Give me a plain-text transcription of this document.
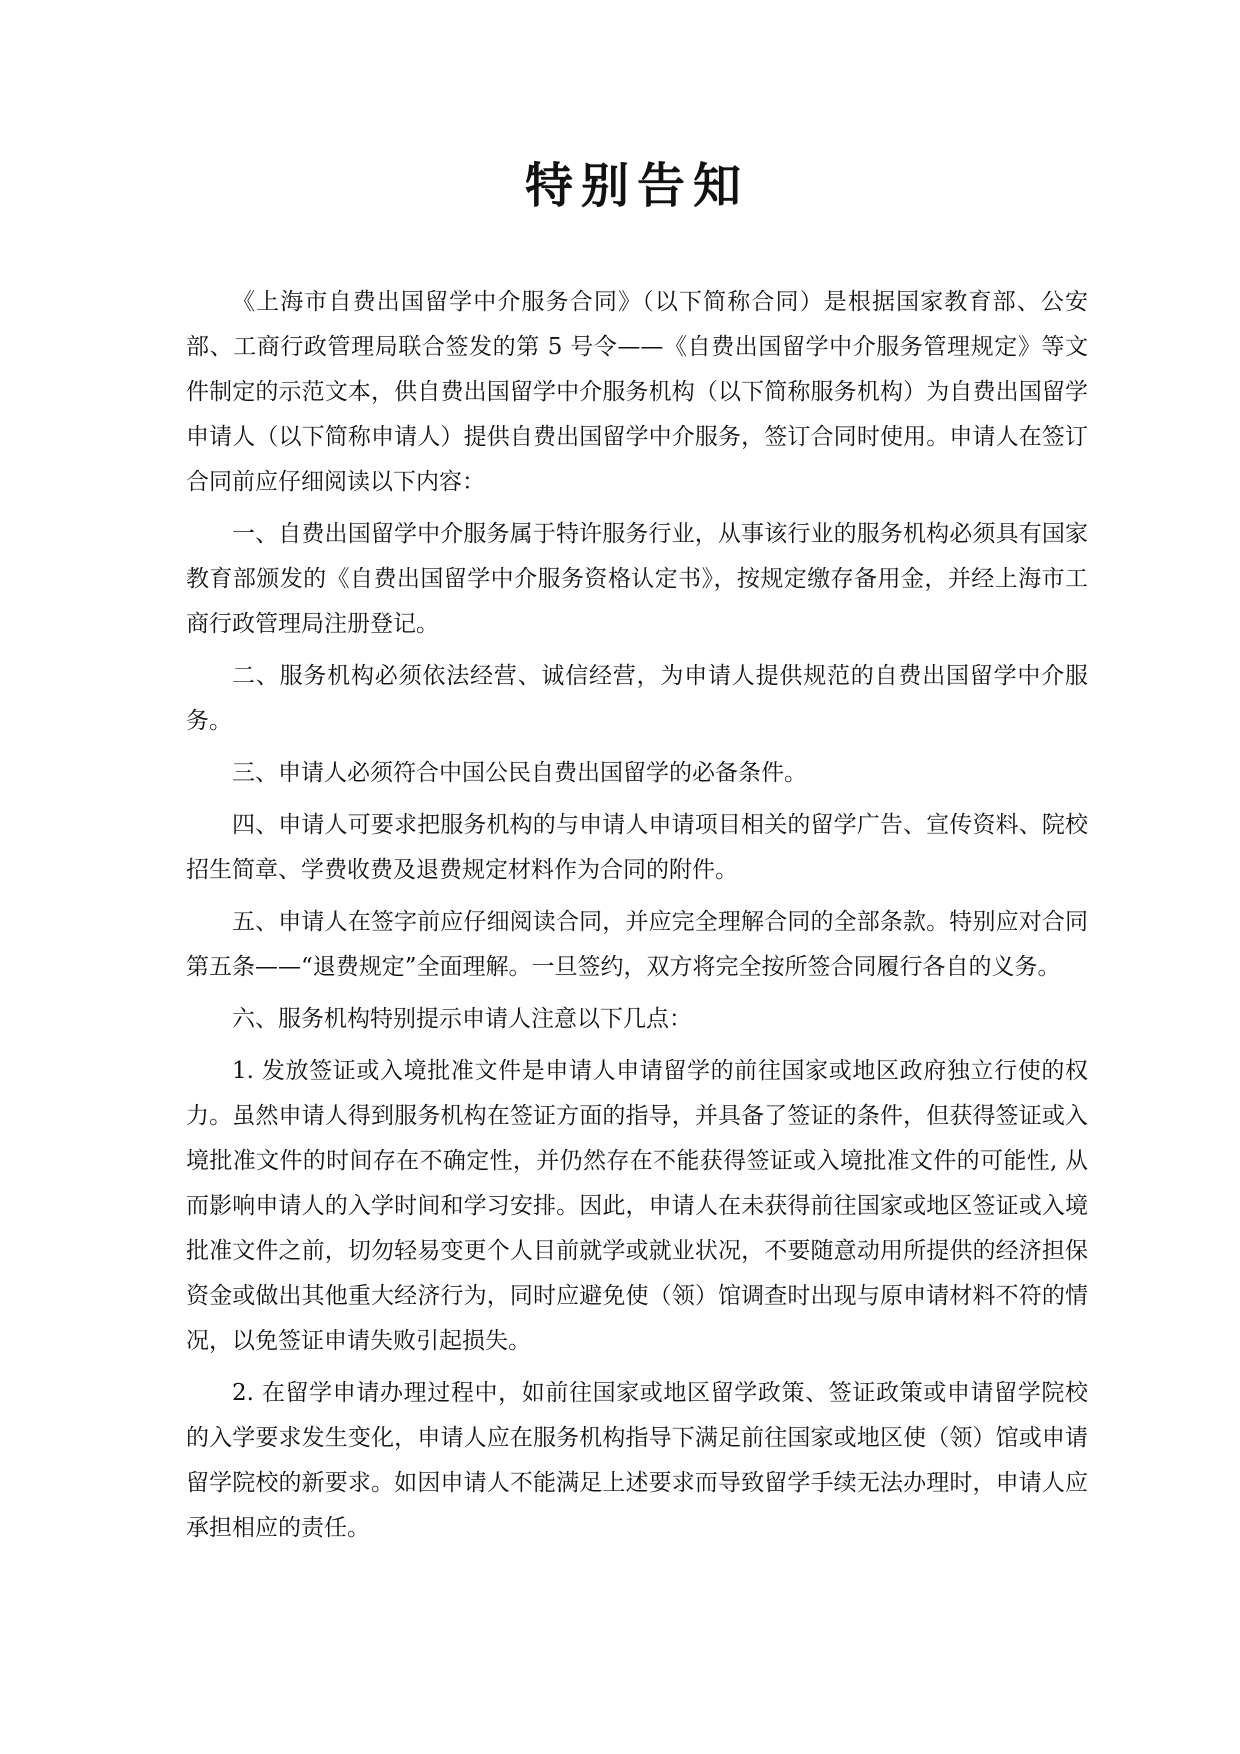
特别告知

《上海市自费出国留学中介服务合同》（以下简称合同）是根据国家教育部、公安部、工商行政管理局联合签发的第 5 号令——《自费出国留学中介服务管理规定》等文件制定的示范文本，供自费出国留学中介服务机构（以下简称服务机构）为自费出国留学申请人（以下简称申请人）提供自费出国留学中介服务，签订合同时使用。申请人在签订合同前应仔细阅读以下内容：

一、自费出国留学中介服务属于特许服务行业，从事该行业的服务机构必须具有国家教育部颁发的《自费出国留学中介服务资格认定书》，按规定缴存备用金，并经上海市工商行政管理局注册登记。

二、服务机构必须依法经营、诚信经营，为申请人提供规范的自费出国留学中介服务。

三、申请人必须符合中国公民自费出国留学的必备条件。

四、申请人可要求把服务机构的与申请人申请项目相关的留学广告、宣传资料、院校招生简章、学费收费及退费规定材料作为合同的附件。

五、申请人在签字前应仔细阅读合同，并应完全理解合同的全部条款。特别应对合同第五条——“退费规定”全面理解。一旦签约，双方将完全按所签合同履行各自的义务。

六、服务机构特别提示申请人注意以下几点：

1. 发放签证或入境批准文件是申请人申请留学的前往国家或地区政府独立行使的权力。虽然申请人得到服务机构在签证方面的指导，并具备了签证的条件，但获得签证或入境批准文件的时间存在不确定性，并仍然存在不能获得签证或入境批准文件的可能性, 从而影响申请人的入学时间和学习安排。因此，申请人在未获得前往国家或地区签证或入境批准文件之前，切勿轻易变更个人目前就学或就业状况，不要随意动用所提供的经济担保资金或做出其他重大经济行为，同时应避免使（领）馆调查时出现与原申请材料不符的情况，以免签证申请失败引起损失。

2. 在留学申请办理过程中，如前往国家或地区留学政策、签证政策或申请留学院校的入学要求发生变化，申请人应在服务机构指导下满足前往国家或地区使（领）馆或申请留学院校的新要求。如因申请人不能满足上述要求而导致留学手续无法办理时，申请人应承担相应的责任。
